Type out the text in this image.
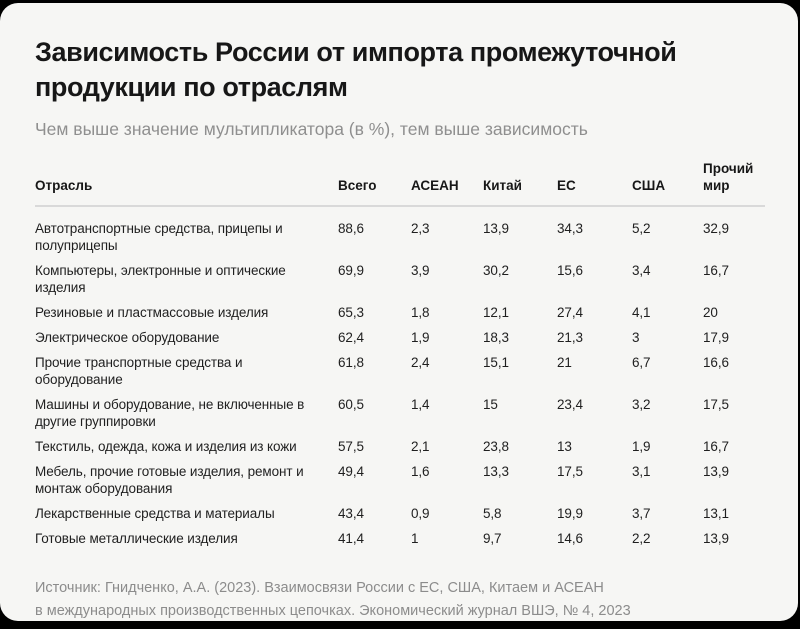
Зависимость России от импорта промежуточной продукции по отраслям

Чем выше значение мультипликатора (в %), тем выше зависимость

Отрасль	Всего	АСЕАН	Китай	ЕС	США	Прочий мир
Автотранспортные средства, прицепы и полуприцепы	88,6	2,3	13,9	34,3	5,2	32,9
Компьютеры, электронные и оптические изделия	69,9	3,9	30,2	15,6	3,4	16,7
Резиновые и пластмассовые изделия	65,3	1,8	12,1	27,4	4,1	20
Электрическое оборудование	62,4	1,9	18,3	21,3	3	17,9
Прочие транспортные средства и оборудование	61,8	2,4	15,1	21	6,7	16,6
Машины и оборудование, не включенные в другие группировки	60,5	1,4	15	23,4	3,2	17,5
Текстиль, одежда, кожа и изделия из кожи	57,5	2,1	23,8	13	1,9	16,7
Мебель, прочие готовые изделия, ремонт и монтаж оборудования	49,4	1,6	13,3	17,5	3,1	13,9
Лекарственные средства и материалы	43,4	0,9	5,8	19,9	3,7	13,1
Готовые металлические изделия	41,4	1	9,7	14,6	2,2	13,9

Источник: Гнидченко, А.А. (2023). Взаимосвязи России с ЕС, США, Китаем и АСЕАН
в международных производственных цепочках. Экономический журнал ВШЭ, № 4, 2023
